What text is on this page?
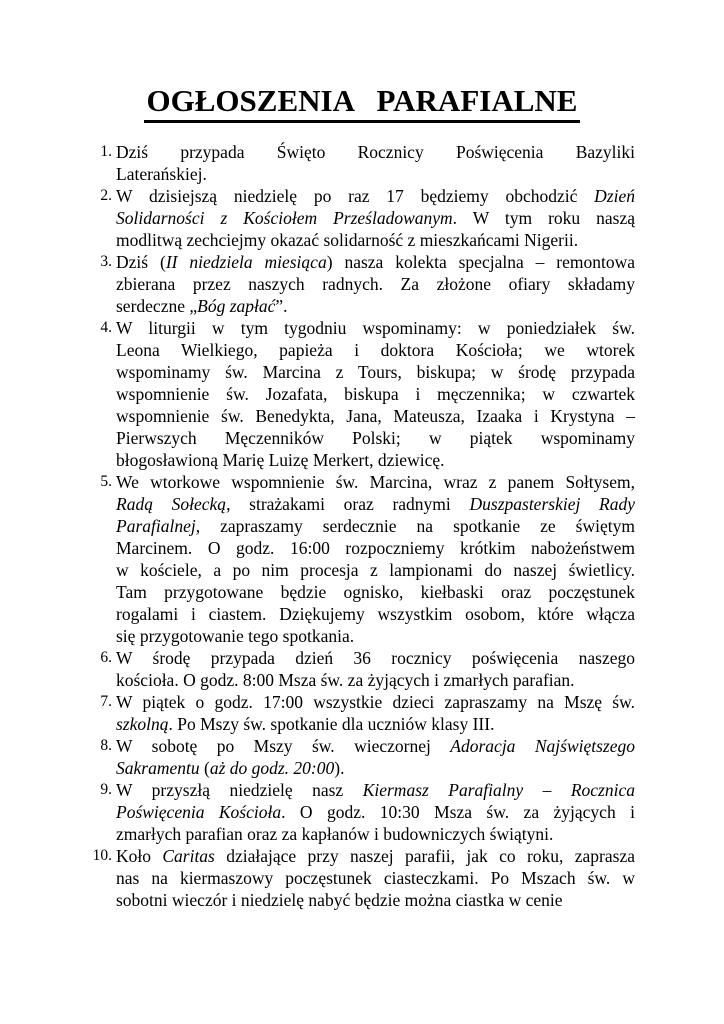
OGŁOSZENIA   PARAFIALNE
1. Dziś przypada Święto Rocznicy Poświęcenia Bazyliki
Laterańskiej.
2. W dzisiejszą niedzielę po raz 17 będziemy obchodzić Dzień
Solidarności z Kościołem Prześladowanym. W tym roku naszą
modlitwą zechciejmy okazać solidarność z mieszkańcami Nigerii.
3. Dziś (II niedziela miesiąca) nasza kolekta specjalna – remontowa
zbierana przez naszych radnych. Za złożone ofiary składamy
serdeczne „Bóg zapłać”.
4. W liturgii w tym tygodniu wspominamy: w poniedziałek św.
Leona Wielkiego, papieża i doktora Kościoła; we wtorek
wspominamy św. Marcina z Tours, biskupa; w środę przypada
wspomnienie św. Jozafata, biskupa i męczennika; w czwartek
wspomnienie św. Benedykta, Jana, Mateusza, Izaaka i Krystyna –
Pierwszych Męczenników Polski; w piątek wspominamy
błogosławioną Marię Luizę Merkert, dziewicę.
5. We wtorkowe wspomnienie św. Marcina, wraz z panem Sołtysem,
Radą Sołecką, strażakami oraz radnymi Duszpasterskiej Rady
Parafialnej, zapraszamy serdecznie na spotkanie ze świętym
Marcinem. O godz. 16:00 rozpoczniemy krótkim nabożeństwem
w kościele, a po nim procesja z lampionami do naszej świetlicy.
Tam przygotowane będzie ognisko, kiełbaski oraz poczęstunek
rogalami i ciastem. Dziękujemy wszystkim osobom, które włącza
się przygotowanie tego spotkania.
6. W środę przypada dzień 36 rocznicy poświęcenia naszego
kościoła. O godz. 8:00 Msza św. za żyjących i zmarłych parafian.
7. W piątek o godz. 17:00 wszystkie dzieci zapraszamy na Mszę św.
szkolną. Po Mszy św. spotkanie dla uczniów klasy III.
8. W sobotę po Mszy św. wieczornej Adoracja Najświętszego
Sakramentu (aż do godz. 20:00).
9. W przyszłą niedzielę nasz Kiermasz Parafialny – Rocznica
Poświęcenia Kościoła. O godz. 10:30 Msza św. za żyjących i
zmarłych parafian oraz za kapłanów i budowniczych świątyni.
10. Koło Caritas działające przy naszej parafii, jak co roku, zaprasza
nas na kiermaszowy poczęstunek ciasteczkami. Po Mszach św. w
sobotni wieczór i niedzielę nabyć będzie można ciastka w cenie
